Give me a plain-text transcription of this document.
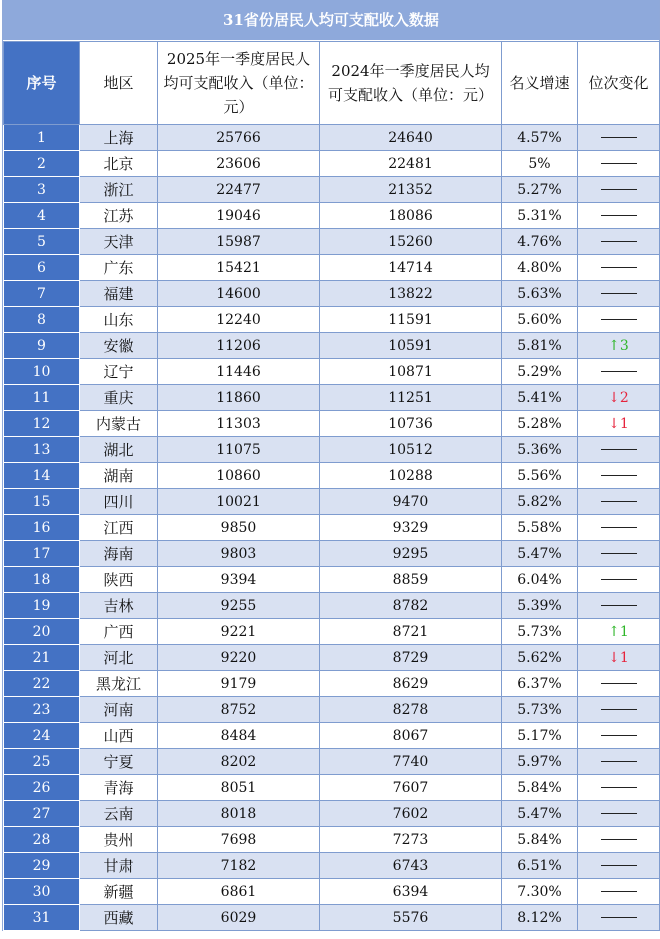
31省份居民人均可支配收入数据
序号	地区	2025年一季度居民人均可支配收入（单位：元）	2024年一季度居民人均可支配收入（单位：元）	名义增速	位次变化
1	上海	25766	24640	4.57%	
2	北京	23606	22481	5%	
3	浙江	22477	21352	5.27%	
4	江苏	19046	18086	5.31%	
5	天津	15987	15260	4.76%	
6	广东	15421	14714	4.80%	
7	福建	14600	13822	5.63%	
8	山东	12240	11591	5.60%	
9	安徽	11206	10591	5.81%	↑3
10	辽宁	11446	10871	5.29%	
11	重庆	11860	11251	5.41%	↓2
12	内蒙古	11303	10736	5.28%	↓1
13	湖北	11075	10512	5.36%	
14	湖南	10860	10288	5.56%	
15	四川	10021	9470	5.82%	
16	江西	9850	9329	5.58%	
17	海南	9803	9295	5.47%	
18	陕西	9394	8859	6.04%	
19	吉林	9255	8782	5.39%	
20	广西	9221	8721	5.73%	↑1
21	河北	9220	8729	5.62%	↓1
22	黑龙江	9179	8629	6.37%	
23	河南	8752	8278	5.73%	
24	山西	8484	8067	5.17%	
25	宁夏	8202	7740	5.97%	
26	青海	8051	7607	5.84%	
27	云南	8018	7602	5.47%	
28	贵州	7698	7273	5.84%	
29	甘肃	7182	6743	6.51%	
30	新疆	6861	6394	7.30%	
31	西藏	6029	5576	8.12%	
